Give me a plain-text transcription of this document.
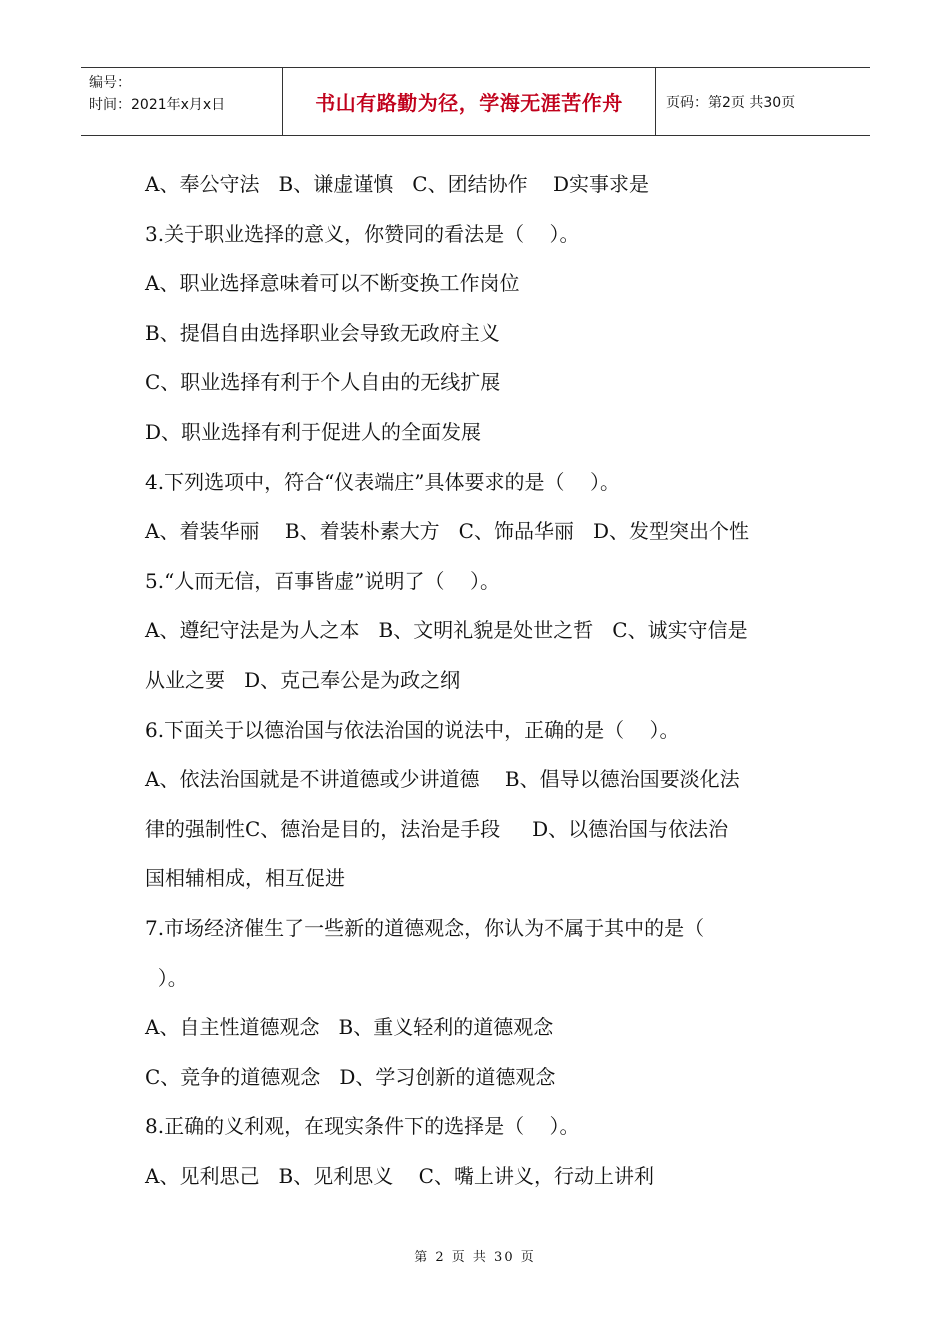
编号：
时间：2021年x月x日	书山有路勤为径，学海无涯苦作舟	页码：第2页 共30页
A、奉公守法   B、谦虚谨慎   C、团结协作    D实事求是
3.关于职业选择的意义，你赞同的看法是（    ）。
A、职业选择意味着可以不断变换工作岗位
B、提倡自由选择职业会导致无政府主义
C、职业选择有利于个人自由的无线扩展
D、职业选择有利于促进人的全面发展
4.下列选项中，符合“仪表端庄”具体要求的是（    ）。
A、着装华丽    B、着装朴素大方   C、饰品华丽   D、发型突出个性
5.“人而无信，百事皆虚”说明了（    ）。
A、遵纪守法是为人之本   B、文明礼貌是处世之哲   C、诚实守信是
从业之要   D、克己奉公是为政之纲
6.下面关于以德治国与依法治国的说法中，正确的是（    ）。
A、依法治国就是不讲道德或少讲道德    B、倡导以德治国要淡化法
律的强制性C、德治是目的，法治是手段     D、以德治国与依法治
国相辅相成，相互促进
7.市场经济催生了一些新的道德观念，你认为不属于其中的是（
）。
A、自主性道德观念   B、重义轻利的道德观念
C、竞争的道德观念   D、学习创新的道德观念
8.正确的义利观，在现实条件下的选择是（    ）。
A、见利思己   B、见利思义    C、嘴上讲义，行动上讲利
第 2 页 共 30 页
